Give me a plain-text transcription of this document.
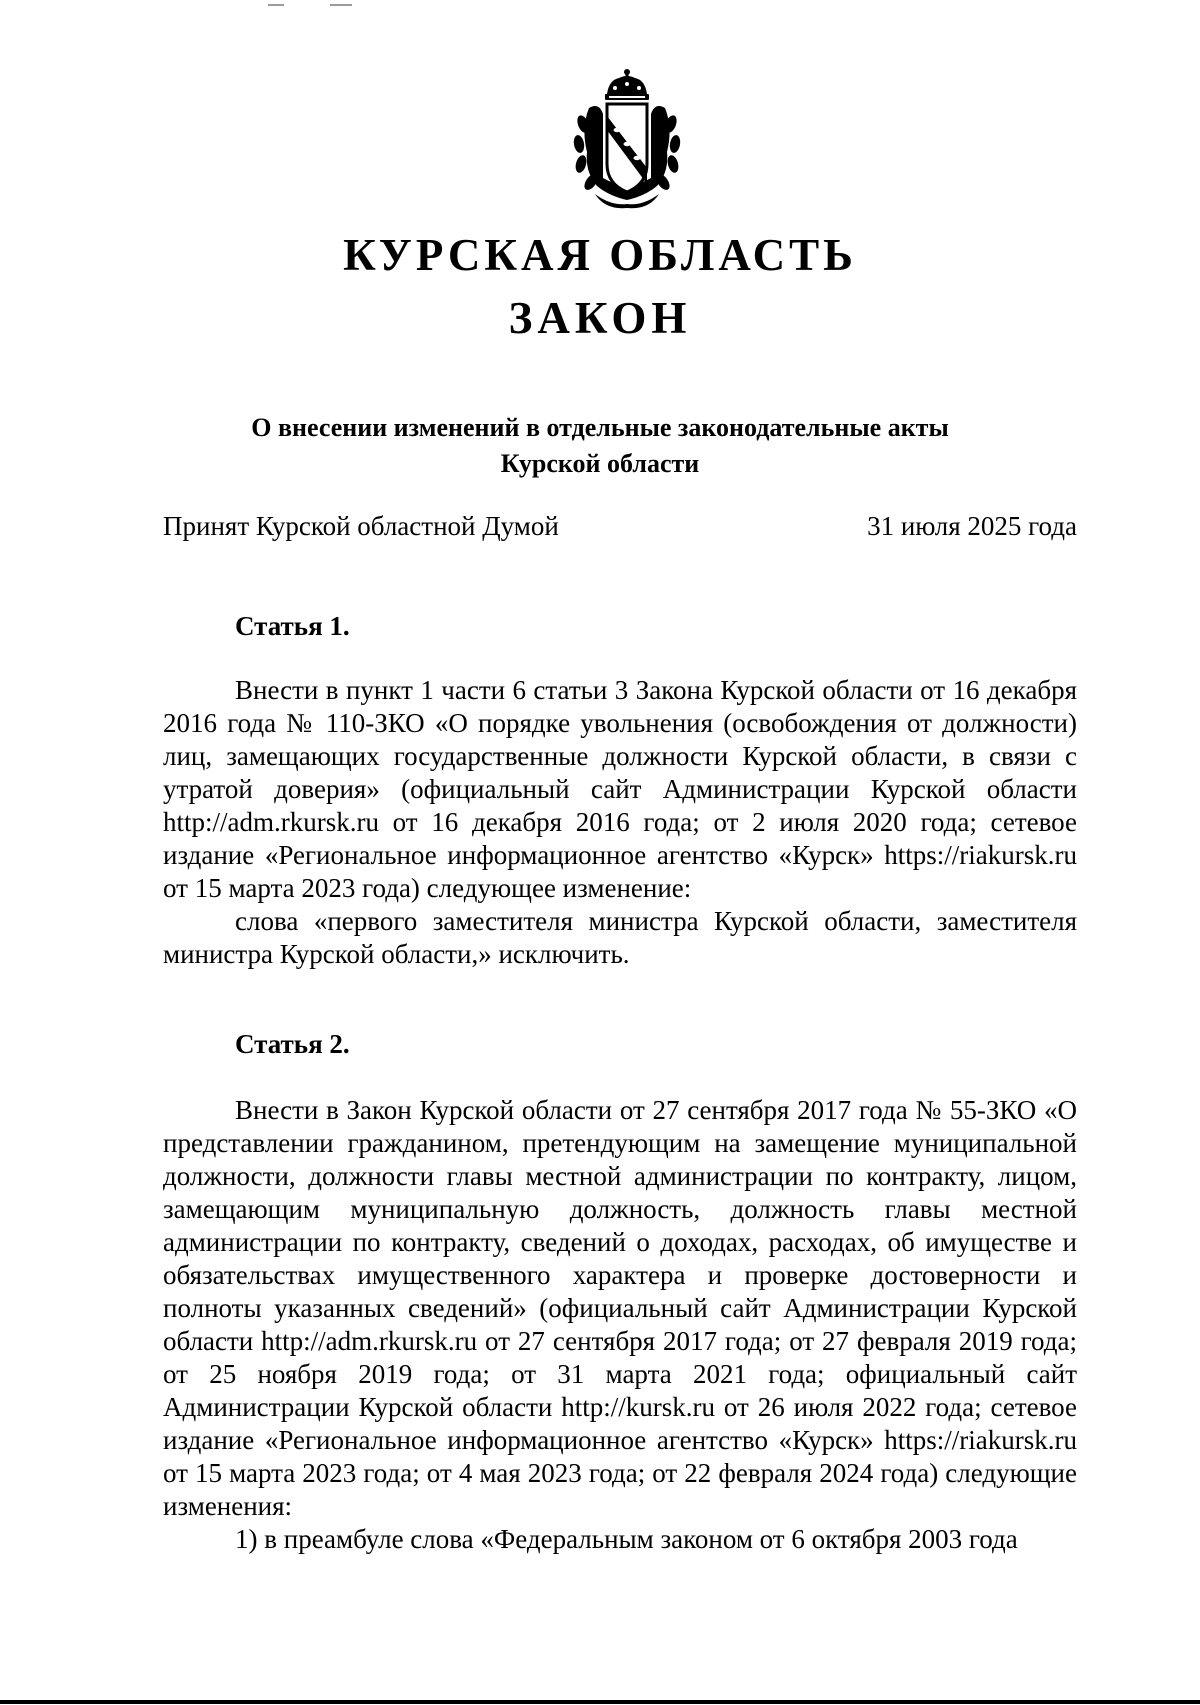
КУРСКАЯ ОБЛАСТЬ
ЗАКОН
О внесении изменений в отдельные законодательные акты
Курской области
Принят Курской областной Думой	31 июля 2025 года
Статья 1.

Внести в пункт 1 части 6 статьи 3 Закона Курской области от 16 декабря 2016 года № 110-ЗКО «О порядке увольнения (освобождения от должности) лиц, замещающих государственные должности Курской области, в связи с утратой доверия» (официальный сайт Администрации Курской области http://adm.rkursk.ru от 16 декабря 2016 года; от 2 июля 2020 года; сетевое издание «Региональное информационное агентство «Курск» https://riakursk.ru от 15 марта 2023 года) следующее изменение:

слова «первого заместителя министра Курской области, заместителя министра Курской области,» исключить.

Статья 2.

Внести в Закон Курской области от 27 сентября 2017 года № 55-ЗКО «О представлении гражданином, претендующим на замещение муниципальной должности, должности главы местной администрации по контракту, лицом, замещающим муниципальную должность, должность главы местной администрации по контракту, сведений о доходах, расходах, об имуществе и обязательствах имущественного характера и проверке достоверности и полноты указанных сведений» (официальный сайт Администрации Курской области http://adm.rkursk.ru от 27 сентября 2017 года; от 27 февраля 2019 года; от 25 ноября 2019 года; от 31 марта 2021 года; официальный сайт Администрации Курской области http://kursk.ru от 26 июля 2022 года; сетевое издание «Региональное информационное агентство «Курск» https://riakursk.ru от 15 марта 2023 года; от 4 мая 2023 года; от 22 февраля 2024 года) следующие изменения:

1) в преамбуле слова «Федеральным законом от 6 октября 2003 года
